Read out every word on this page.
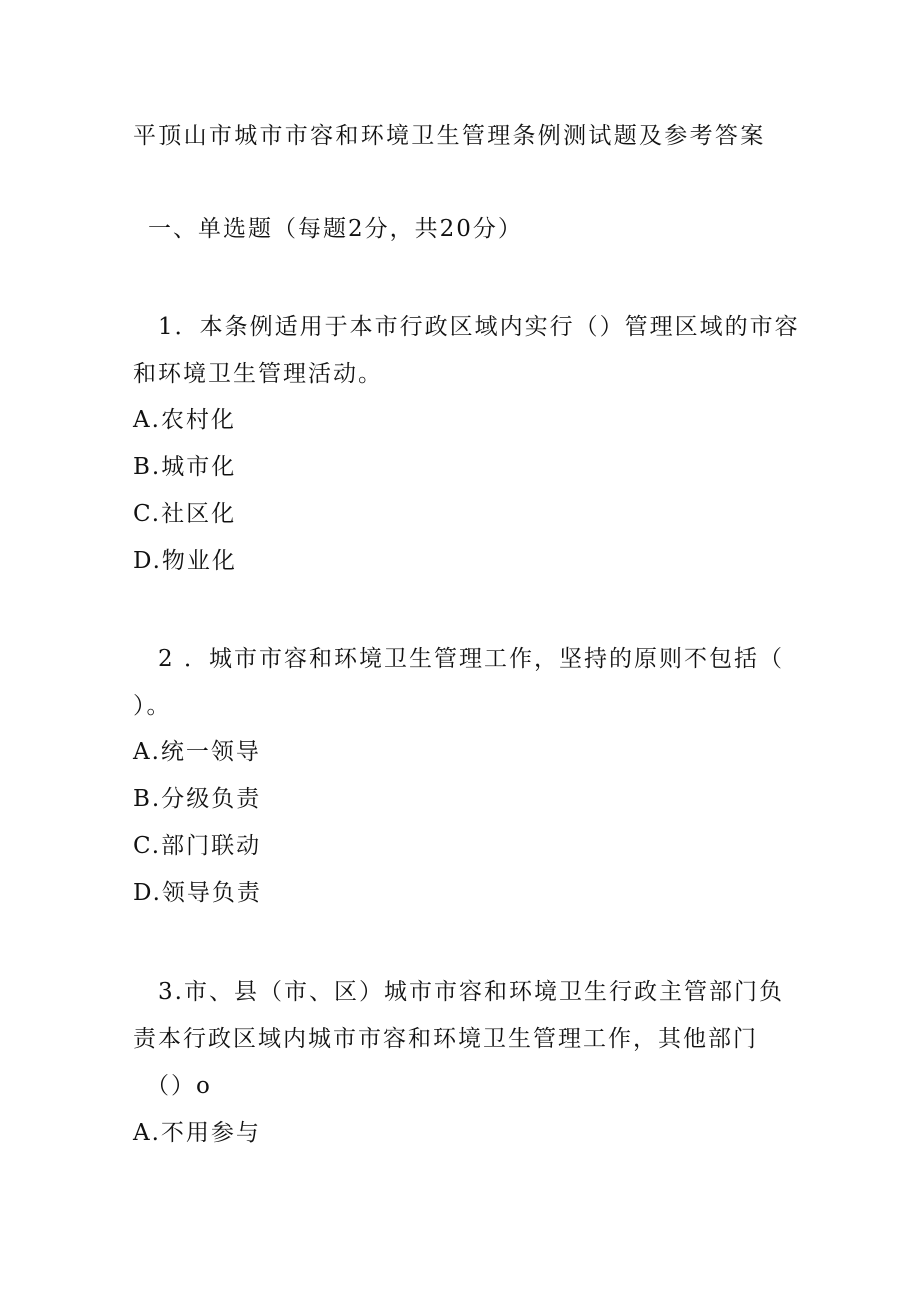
平顶山市城市市容和环境卫生管理条例测试题及参考答案
一、单选题（每题2分，共20分）
1．本条例适用于本市行政区域内实行（）管理区域的市容
和环境卫生管理活动。
A.农村化
B.城市化
C.社区化
D.物业化
2 ．城市市容和环境卫生管理工作，坚持的原则不包括（
）。
A.统一领导
B.分级负责
C.部门联动
D.领导负责
3.市、县（市、区）城市市容和环境卫生行政主管部门负
责本行政区域内城市市容和环境卫生管理工作，其他部门
（）o
A.不用参与
